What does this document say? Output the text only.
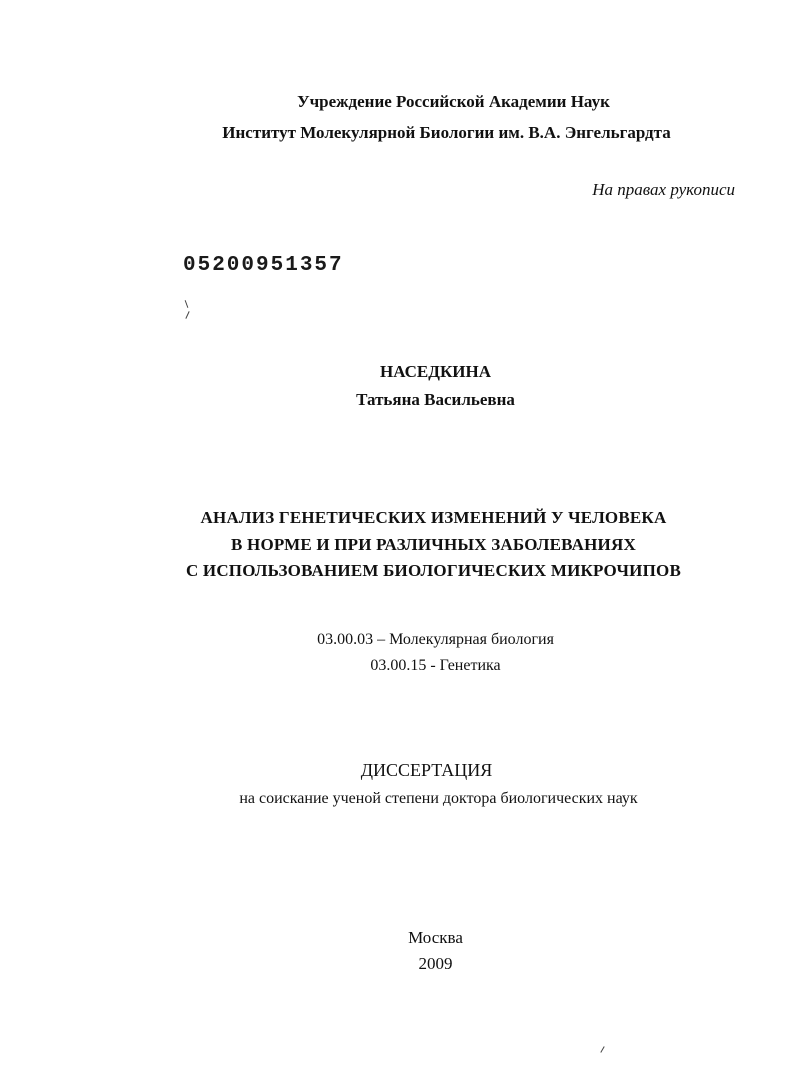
Учреждение Российской Академии Наук
Институт Молекулярной Биологии им. В.А. Энгельгардта
На правах рукописи
05200951357
НАСЕДКИНА
Татьяна Васильевна
АНАЛИЗ ГЕНЕТИЧЕСКИХ ИЗМЕНЕНИЙ У ЧЕЛОВЕКА
В НОРМЕ И ПРИ РАЗЛИЧНЫХ ЗАБОЛЕВАНИЯХ
С ИСПОЛЬЗОВАНИЕМ БИОЛОГИЧЕСКИХ МИКРОЧИПОВ
03.00.03 – Молекулярная биология
03.00.15 - Генетика
ДИССЕРТАЦИЯ
на соискание ученой степени доктора биологических наук
Москва
2009
